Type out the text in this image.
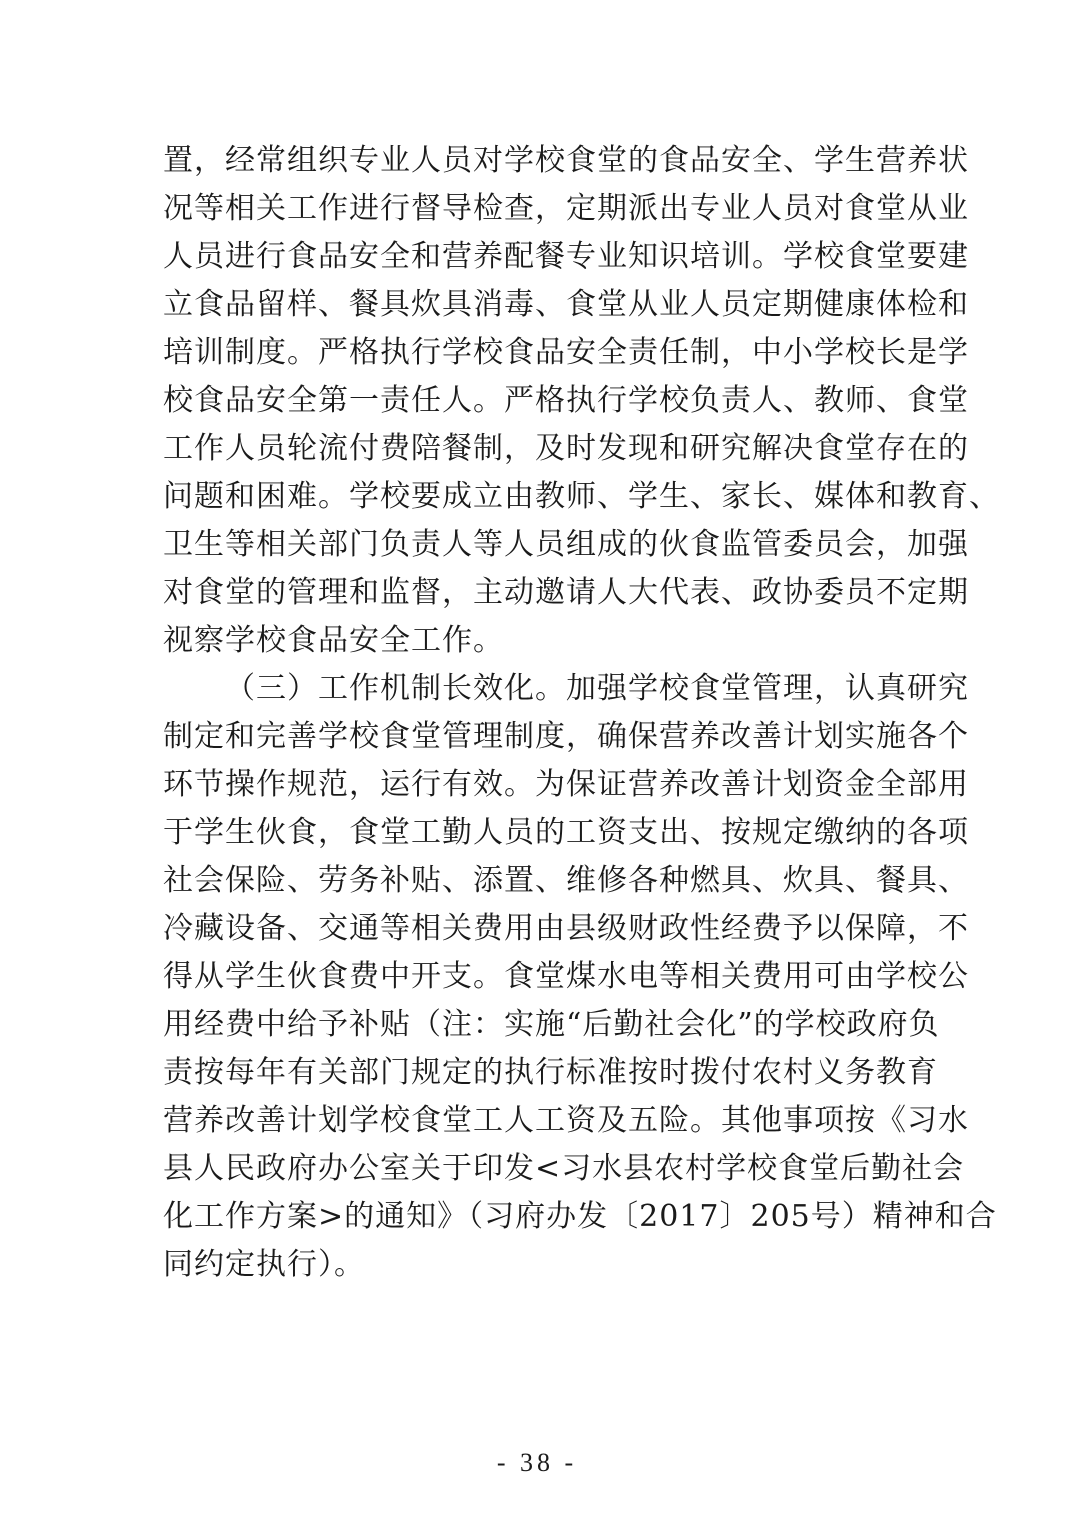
置，经常组织专业人员对学校食堂的食品安全、学生营养状
况等相关工作进行督导检查，定期派出专业人员对食堂从业
人员进行食品安全和营养配餐专业知识培训。学校食堂要建
立食品留样、餐具炊具消毒、食堂从业人员定期健康体检和
培训制度。严格执行学校食品安全责任制，中小学校长是学
校食品安全第一责任人。严格执行学校负责人、教师、食堂
工作人员轮流付费陪餐制，及时发现和研究解决食堂存在的
问题和困难。学校要成立由教师、学生、家长、媒体和教育、
卫生等相关部门负责人等人员组成的伙食监管委员会，加强
对食堂的管理和监督，主动邀请人大代表、政协委员不定期
视察学校食品安全工作。
（三）工作机制长效化。加强学校食堂管理，认真研究
制定和完善学校食堂管理制度，确保营养改善计划实施各个
环节操作规范，运行有效。为保证营养改善计划资金全部用
于学生伙食，食堂工勤人员的工资支出、按规定缴纳的各项
社会保险、劳务补贴、添置、维修各种燃具、炊具、餐具、
冷藏设备、交通等相关费用由县级财政性经费予以保障，不
得从学生伙食费中开支。食堂煤水电等相关费用可由学校公
用经费中给予补贴（注：实施“后勤社会化”的学校政府负
责按每年有关部门规定的执行标准按时拨付农村义务教育
营养改善计划学校食堂工人工资及五险。其他事项按《习水
县人民政府办公室关于印发<习水县农村学校食堂后勤社会
化工作方案>的通知》（习府办发〔2017〕205号）精神和合
同约定执行）。
- 38 -
